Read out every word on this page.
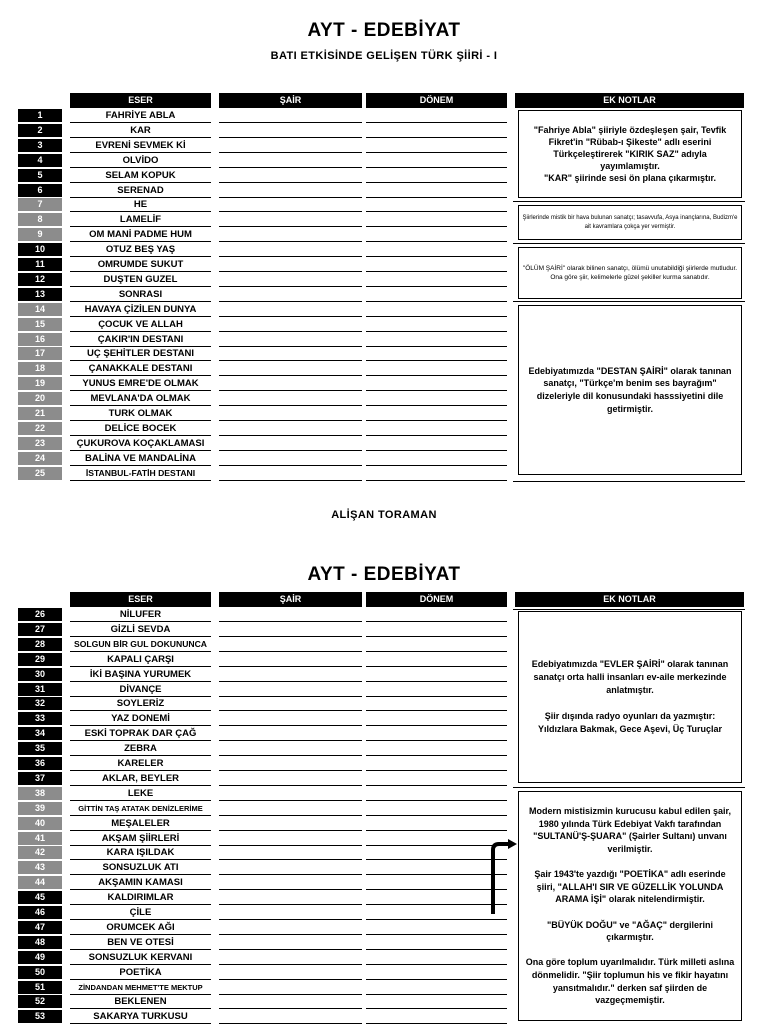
AYT - EDEBİYAT
BATI ETKİSİNDE GELİŞEN TÜRK ŞİİRİ - I
ESER	ŞAİR	DÖNEM	EK NOTLAR
1	FAHRİYE ABLA
2	KAR
3	EVRENİ SEVMEK Kİ
4	OLVİDO
5	SELAM KOPUK
6	SERENAD
7	HE
8	LAMELİF
9	OM MANİ PADME HUM
10	OTUZ BEŞ YAŞ
11	OMRUMDE SUKUT
12	DUŞTEN GUZEL
13	SONRASI
14	HAVAYA ÇİZİLEN DUNYA
15	ÇOCUK VE ALLAH
16	ÇAKIR'IN DESTANI
17	UÇ ŞEHİTLER DESTANI
18	ÇANAKKALE DESTANI
19	YUNUS EMRE'DE OLMAK
20	MEVLANA'DA OLMAK
21	TURK OLMAK
22	DELİCE BOCEK
23	ÇUKUROVA KOÇAKLAMASI
24	BALİNA VE MANDALİNA
25	İSTANBUL-FATİH DESTANI
"Fahriye Abla" şiiriyle özdeşleşen şair, Tevfik Fikret'in "Rübab-ı Şikeste" adlı eserini Türkçeleştirerek "KIRIK SAZ" adıyla yayımlamıştır.
"KAR" şiirinde sesi ön plana çıkarmıştır.
Şiirlerinde mistik bir hava bulunan sanatçı; tasavvufa, Asya inançlarına, Budizm'e ait kavramlara çokça yer vermiştir.
"ÖLÜM ŞAİRİ" olarak bilinen sanatçı, ölümü unutabildiği şiirlerde mutludur. Ona göre şiir, kelimelerle güzel şekiller kurma sanatıdır.
Edebiyatımızda "DESTAN ŞAİRİ" olarak tanınan sanatçı, "Türkçe'm benim ses bayrağım" dizeleriyle dil konusundaki hasssiyetini dile getirmiştir.
ALİŞAN TORAMAN
AYT - EDEBİYAT
ESER	ŞAİR	DÖNEM	EK NOTLAR
26	NİLUFER
27	GİZLİ SEVDA
28	SOLGUN BİR GUL DOKUNUNCA
29	KAPALI ÇARŞI
30	İKİ BAŞINA YURUMEK
31	DİVANÇE
32	SOYLERİZ
33	YAZ DONEMİ
34	ESKİ TOPRAK DAR ÇAĞ
35	ZEBRA
36	KARELER
37	AKLAR, BEYLER
38	LEKE
39	GİTTİN TAŞ ATATAK DENİZLERİME
40	MEŞALELER
41	AKŞAM ŞİİRLERİ
42	KARA IŞILDAK
43	SONSUZLUK ATI
44	AKŞAMIN KAMASI
45	KALDIRIMLAR
46	ÇİLE
47	ORUMCEK AĞI
48	BEN VE OTESİ
49	SONSUZLUK KERVANI
50	POETİKA
51	ZİNDANDAN MEHMET'TE MEKTUP
52	BEKLENEN
53	SAKARYA TURKUSU
Edebiyatımızda "EVLER ŞAİRİ" olarak tanınan sanatçı orta halli insanları ev-aile merkezinde anlatmıştır.

Şiir dışında radyo oyunları da yazmıştır: Yıldızlara Bakmak, Gece Aşevi, Üç Turuçlar
Modern mistisizmin kurucusu kabul edilen şair, 1980 yılında Türk Edebiyat Vakfı tarafından "SULTANÜ'Ş-ŞUARA" (Şairler Sultanı) unvanı verilmiştir.

Şair 1943'te yazdığı "POETİKA" adlı eserinde şiiri, "ALLAH'I SIR VE GÜZELLİK YOLUNDA ARAMA İŞİ" olarak nitelendirmiştir.

"BÜYÜK DOĞU" ve "AĞAÇ" dergilerini çıkarmıştır.

Ona göre toplum uyarılmalıdır. Türk milleti aslına dönmelidir. "Şiir toplumun his ve fikir hayatını yansıtmalıdır." derken saf şiirden de vazgeçmemiştir.
